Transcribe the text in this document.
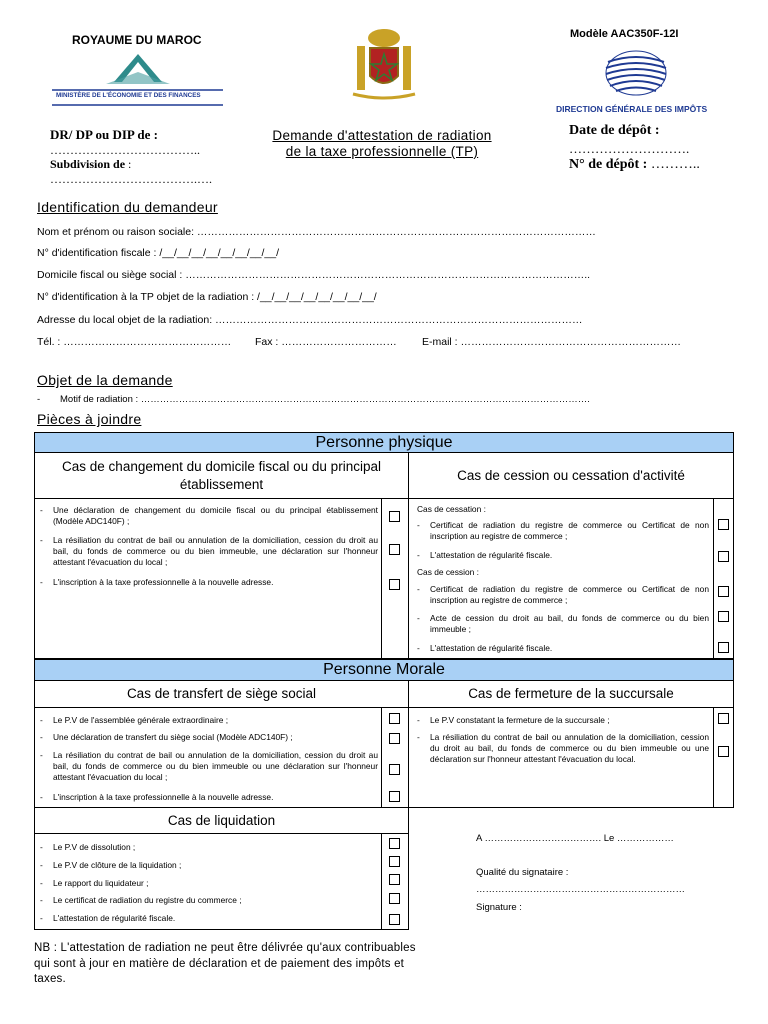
ROYAUME DU MAROC
MINISTÈRE DE L'ÉCONOMIE ET DES FINANCES
Modèle AAC350F-12I
DIRECTION GÉNÉRALE DES IMPÔTS
DR/ DP ou DIP de :
………………………………..
Subdivision de :
……………………………….….
Demande d'attestation de radiation
de la taxe professionnelle (TP)
Date de dépôt :
……………………….
N° de dépôt : ………..
Identification du demandeur
Nom et prénom ou raison sociale: ……………………………………………………………………………………………………
N° d'identification fiscale : /__/__/__/__/__/__/__/__/
Domicile fiscal ou siège social : ……………………………………………………………………………………………………..
N° d'identification à la TP objet de la radiation : /__/__/__/__/__/__/__/__/
Adresse du local objet de la radiation: ……………………………………………………………………………………………
Tél. : ………………………………………… Fax : …………………………… E-mail : ………………………………………………………
Objet de la demande
- Motif de radiation : …………………………………………………………………………………………………………………………….
Pièces à joindre
Personne physique
Cas de changement du domicile fiscal ou du principal établissement
Cas de cession ou cessation d'activité
- Une déclaration de changement du domicile fiscal ou du principal établissement (Modèle ADC140F) ;
- La résiliation du contrat de bail ou annulation de la domiciliation, cession du droit au bail, du fonds de commerce ou du bien immeuble, une déclaration sur l'honneur attestant l'évacuation du local ;
- L'inscription à la taxe professionnelle à la nouvelle adresse.
Cas de cessation :
- Certificat de radiation du registre de commerce ou Certificat de non inscription au registre de commerce ;
- L'attestation de régularité fiscale.
Cas de cession :
- Certificat de radiation du registre de commerce ou Certificat de non inscription au registre de commerce ;
- Acte de cession du droit au bail, du fonds de commerce ou du bien immeuble ;
- L'attestation de régularité fiscale.
Personne Morale
Cas de transfert de siège social	Cas de fermeture de la succursale
- Le P.V de l'assemblée générale extraordinaire ;
- Une déclaration de transfert du siège social (Modèle ADC140F) ;
- La résiliation du contrat de bail ou annulation de la domiciliation, cession du droit au bail, du fonds de commerce ou du bien immeuble ou une déclaration sur l'honneur attestant l'évacuation du local ;
- L'inscription à la taxe professionnelle à la nouvelle adresse.
- Le P.V constatant la fermeture de la succursale ;
- La résiliation du contrat de bail ou annulation de la domiciliation, cession du droit au bail, du fonds de commerce ou du bien immeuble ou une déclaration sur l'honneur attestant l'évacuation du local.
Cas de liquidation
- Le P.V de dissolution ;
- Le P.V de clôture de la liquidation ;
- Le rapport du liquidateur ;
- Le certificat de radiation du registre du commerce ;
- L'attestation de régularité fiscale.
A ………………………………. Le ………………
Qualité du signataire :
…………………………………………………………
Signature :
NB : L'attestation de radiation ne peut être délivrée qu'aux contribuables qui sont à jour en matière de déclaration et de paiement des impôts et taxes.
